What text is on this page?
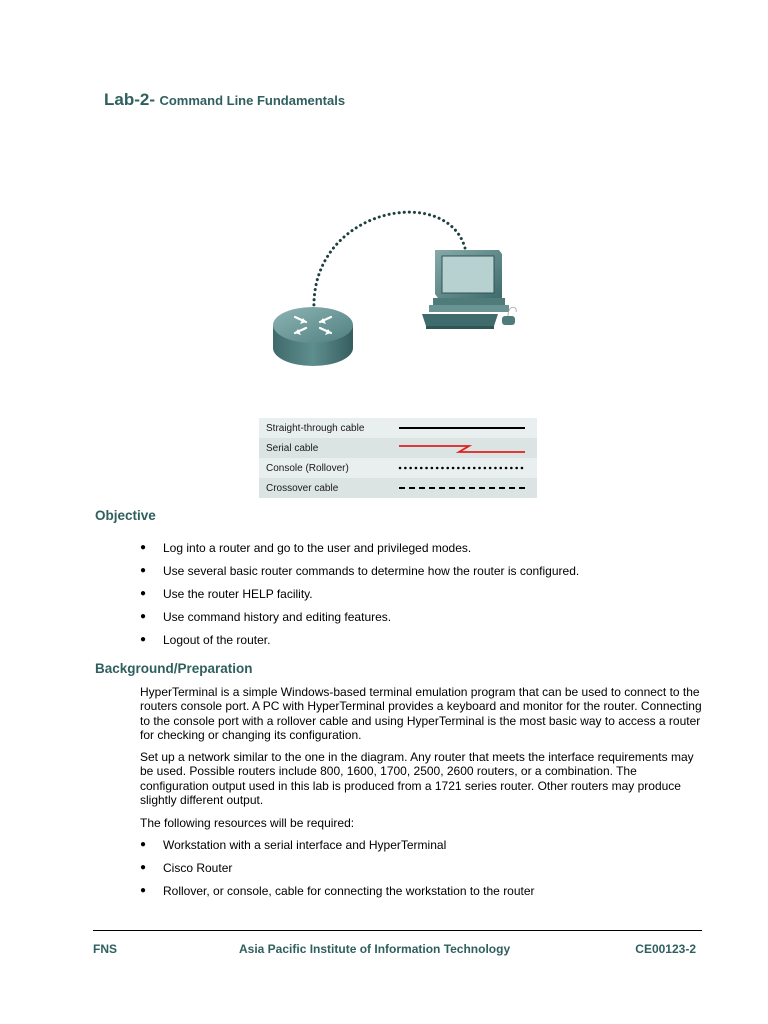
Lab-2- Command Line Fundamentals
Straight-through cable	

Serial cable	

Console (Rollover)	

Crossover cable	
Objective
● Log into a router and go to the user and privileged modes.
● Use several basic router commands to determine how the router is configured.
● Use the router HELP facility.
● Use command history and editing features.
● Logout of the router.
Background/Preparation

HyperTerminal is a simple Windows-based terminal emulation program that can be used to connect to the routers console port. A PC with HyperTerminal provides a keyboard and monitor for the router. Connecting to the console port with a rollover cable and using HyperTerminal is the most basic way to access a router for checking or changing its configuration.

Set up a network similar to the one in the diagram. Any router that meets the interface requirements may be used. Possible routers include 800, 1600, 1700, 2500, 2600 routers, or a combination. The configuration output used in this lab is produced from a 1721 series router. Other routers may produce slightly different output.

The following resources will be required:

● Workstation with a serial interface and HyperTerminal
● Cisco Router
● Rollover, or console, cable for connecting the workstation to the router
FNS	Asia Pacific Institute of Information Technology	CE00123-2
